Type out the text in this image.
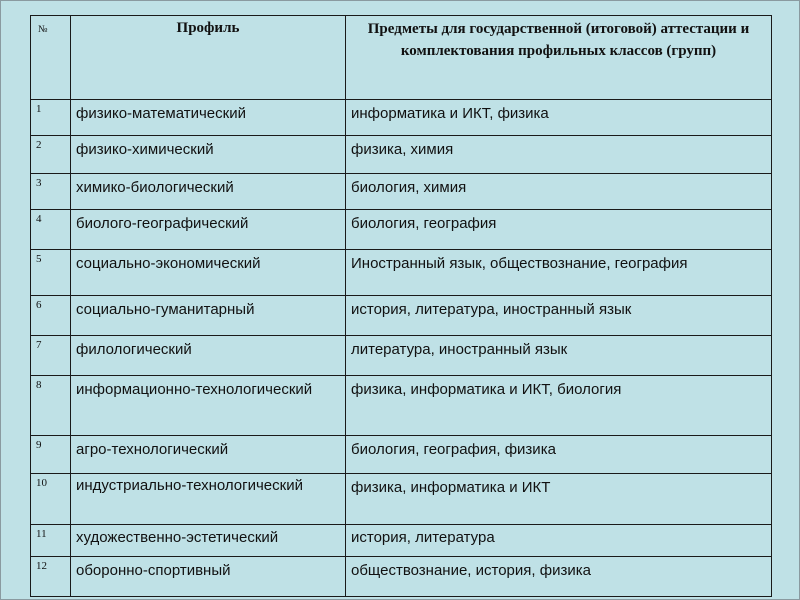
№	Профиль	Предметы для государственной (итоговой) аттестации и комплектования профильных классов (групп)
1	физико-математический	информатика и ИКТ, физика
2	физико-химический	физика, химия
3	химико-биологический	биология, химия
4	биолого-географический	биология, география
5	социально-экономический	Иностранный язык, обществознание, география
6	социально-гуманитарный	история, литература, иностранный язык
7	филологический	литература, иностранный язык
8	информационно-технологический	физика, информатика и ИКТ, биология
9	агро-технологический	биология, география, физика
10	индустриально-технологический	физика, информатика и ИКТ
11	художественно-эстетический	история, литература
12	оборонно-спортивный	обществознание, история, физика
